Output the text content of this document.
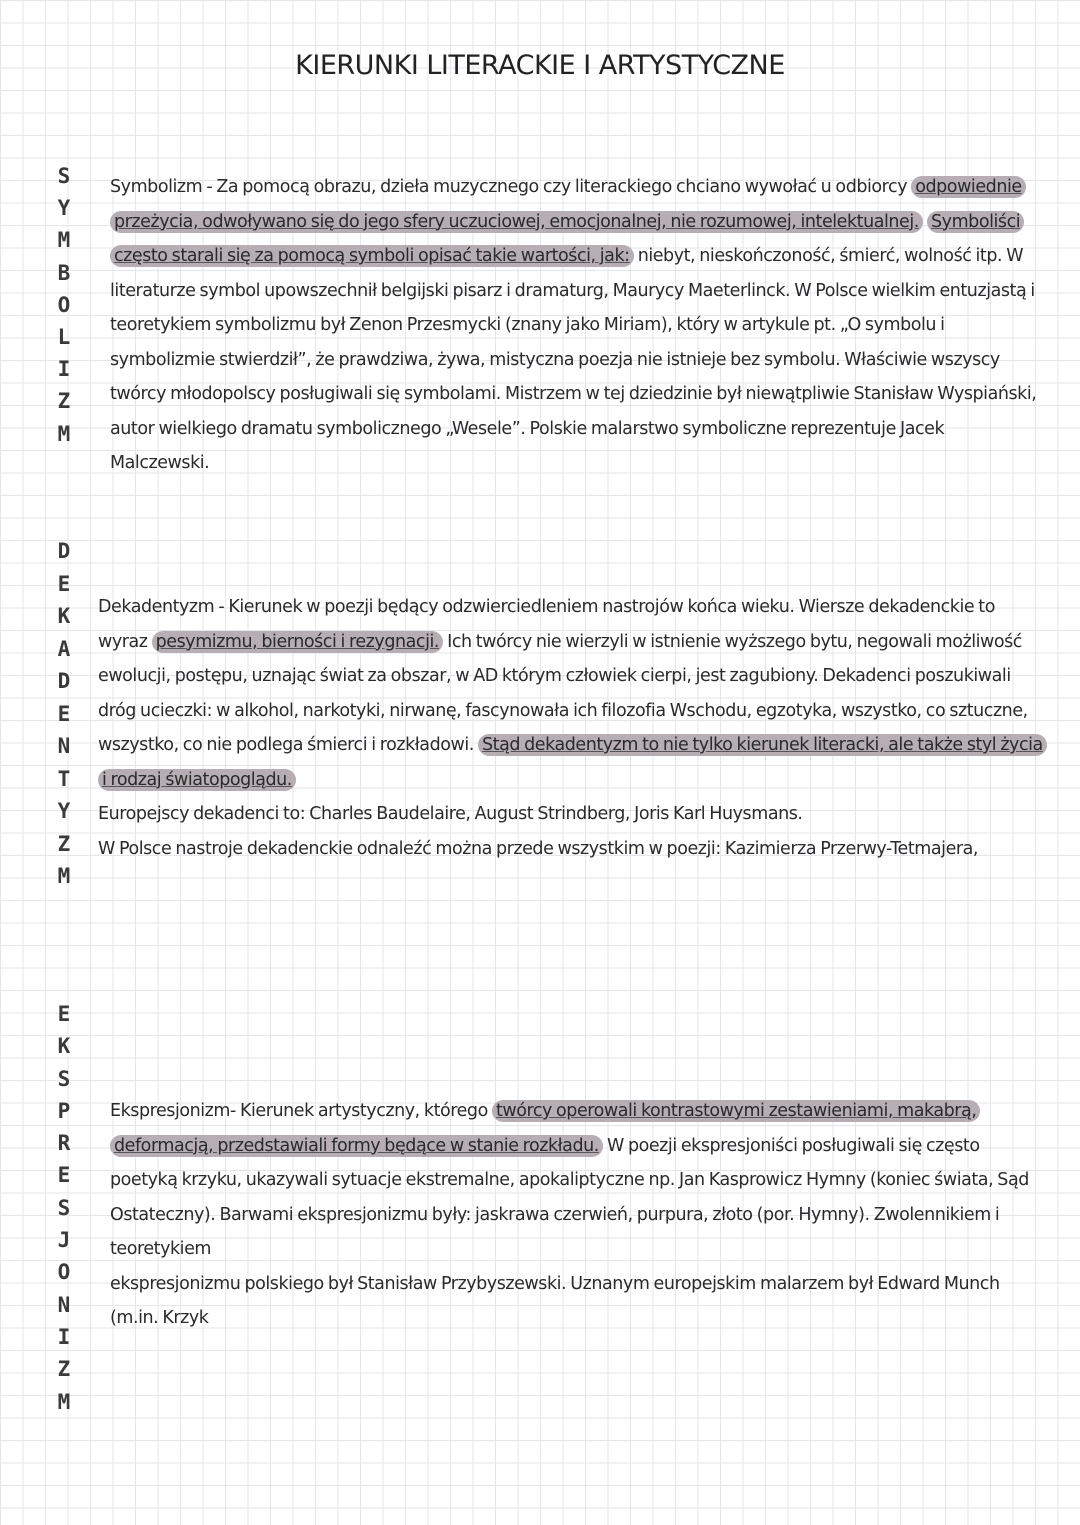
KIERUNKI LITERACKIE I ARTYSTYCZNE
S
Y
M
B
O
L
I
Z
M

Symbolizm - Za pomocą obrazu, dzieła muzycznego czy literackiego chciano wywołać u odbiorcy odpowiednie przeżycia, odwoływano się do jego sfery uczuciowej, emocjonalnej, nie rozumowej, intelektualnej. Symboliści często starali się za pomocą symboli opisać takie wartości, jak: niebyt, nieskończoność, śmierć, wolność itp. W literaturze symbol upowszechnił belgijski pisarz i dramaturg, Maurycy Maeterlinck. W Polsce wielkim entuzjastą i teoretykiem symbolizmu był Zenon Przesmycki (znany jako Miriam), który w artykule pt. „O symbolu i symbolizmie stwierdził”, że prawdziwa, żywa, mistyczna poezja nie istnieje bez symbolu. Właściwie wszyscy twórcy młodopolscy posługiwali się symbolami. Mistrzem w tej dziedzinie był niewątpliwie Stanisław Wyspiański, autor wielkiego dramatu symbolicznego „Wesele”. Polskie malarstwo symboliczne reprezentuje Jacek Malczewski.

D
E
K
A
D
E
N
T
Y
Z
M

Dekadentyzm - Kierunek w poezji będący odzwierciedleniem nastrojów końca wieku. Wiersze dekadenckie to wyraz pesymizmu, bierności i rezygnacji. Ich twórcy nie wierzyli w istnienie wyższego bytu, negowali możliwość ewolucji, postępu, uznając świat za obszar, w AD którym człowiek cierpi, jest zagubiony. Dekadenci poszukiwali dróg ucieczki: w alkohol, narkotyki, nirwanę, fascynowała ich filozofia Wschodu, egzotyka, wszystko, co sztuczne, wszystko, co nie podlega śmierci i rozkładowi. Stąd dekadentyzm to nie tylko kierunek literacki, ale także styl życia i rodzaj światopoglądu.

Europejscy dekadenci to: Charles Baudelaire, August Strindberg, Joris Karl Huysmans.

W Polsce nastroje dekadenckie odnaleźć można przede wszystkim w poezji: Kazimierza Przerwy-Tetmajera,

E
K
S
P
R
E
S
J
O
N
I
Z
M

Ekspresjonizm- Kierunek artystyczny, którego twórcy operowali kontrastowymi zestawieniami, makabrą, deformacją, przedstawiali formy będące w stanie rozkładu. W poezji ekspresjoniści posługiwali się często poetyką krzyku, ukazywali sytuacje ekstremalne, apokaliptyczne np. Jan Kasprowicz Hymny (koniec świata, Sąd Ostateczny). Barwami ekspresjonizmu były: jaskrawa czerwień, purpura, złoto (por. Hymny). Zwolennikiem i teoretykiem

ekspresjonizmu polskiego był Stanisław Przybyszewski. Uznanym europejskim malarzem był Edward Munch (m.in. Krzyk
